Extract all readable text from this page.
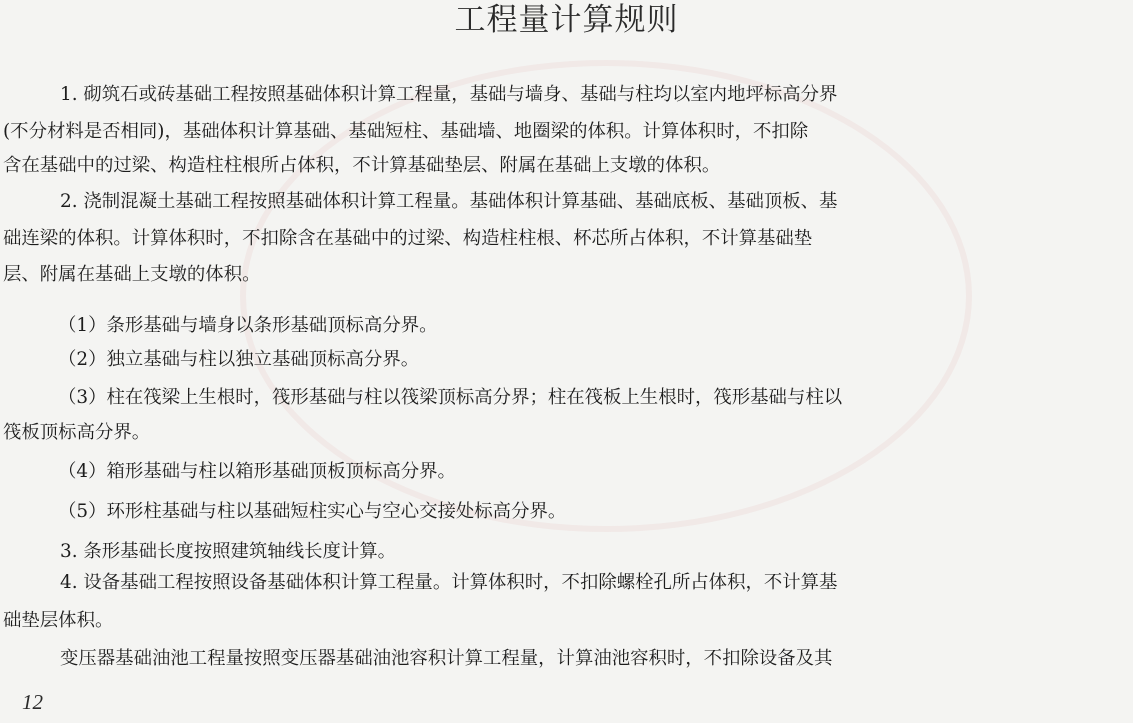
工程量计算规则
1. 砌筑石或砖基础工程按照基础体积计算工程量，基础与墙身、基础与柱均以室内地坪标高分界
(不分材料是否相同)，基础体积计算基础、基础短柱、基础墙、地圈梁的体积。计算体积时，不扣除
含在基础中的过梁、构造柱柱根所占体积，不计算基础垫层、附属在基础上支墩的体积。
2. 浇制混凝土基础工程按照基础体积计算工程量。基础体积计算基础、基础底板、基础顶板、基
础连梁的体积。计算体积时，不扣除含在基础中的过梁、构造柱柱根、杯芯所占体积，不计算基础垫
层、附属在基础上支墩的体积。
（1）条形基础与墙身以条形基础顶标高分界。
（2）独立基础与柱以独立基础顶标高分界。
（3）柱在筏梁上生根时，筏形基础与柱以筏梁顶标高分界；柱在筏板上生根时，筏形基础与柱以
筏板顶标高分界。
（4）箱形基础与柱以箱形基础顶板顶标高分界。
（5）环形柱基础与柱以基础短柱实心与空心交接处标高分界。
3. 条形基础长度按照建筑轴线长度计算。
4. 设备基础工程按照设备基础体积计算工程量。计算体积时，不扣除螺栓孔所占体积，不计算基
础垫层体积。
变压器基础油池工程量按照变压器基础油池容积计算工程量，计算油池容积时，不扣除设备及其
12
